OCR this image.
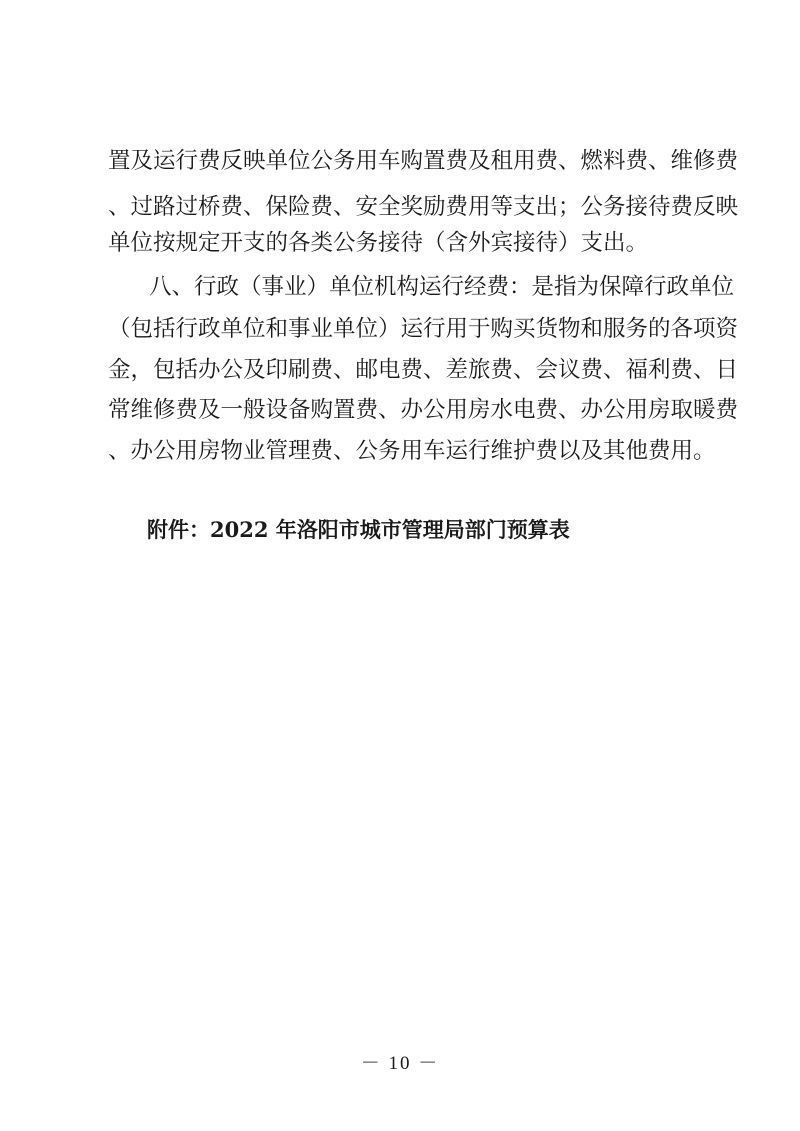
置及运行费反映单位公务用车购置费及租用费、燃料费、维修费
、过路过桥费、保险费、安全奖励费用等支出；公务接待费反映
单位按规定开支的各类公务接待（含外宾接待）支出。
八、行政（事业）单位机构运行经费：是指为保障行政单位
（包括行政单位和事业单位）运行用于购买货物和服务的各项资
金，包括办公及印刷费、邮电费、差旅费、会议费、福利费、日
常维修费及一般设备购置费、办公用房水电费、办公用房取暖费
、办公用房物业管理费、公务用车运行维护费以及其他费用。
附件：2022 年洛阳市城市管理局部门预算表
－ 10 －
